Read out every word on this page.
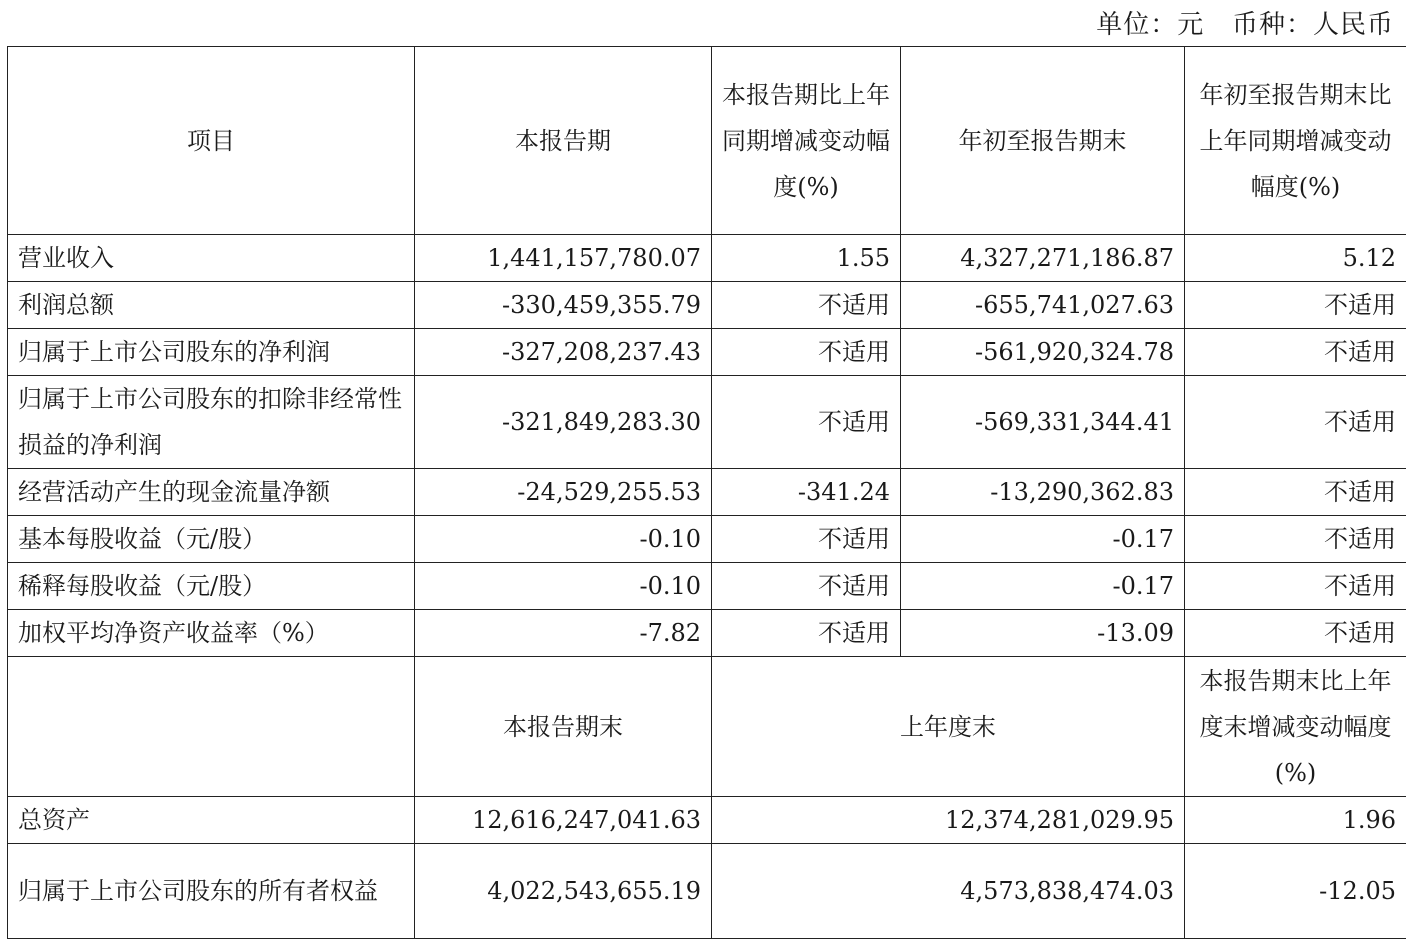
单位：元   币种：人民币
项目	本报告期	本报告期比上年同期增减变动幅度(%)	年初至报告期末	年初至报告期末比上年同期增减变动幅度(%)
营业收入	1,441,157,780.07	1.55	4,327,271,186.87	5.12
利润总额	-330,459,355.79	不适用	-655,741,027.63	不适用
归属于上市公司股东的净利润	-327,208,237.43	不适用	-561,920,324.78	不适用
归属于上市公司股东的扣除非经常性损益的净利润	-321,849,283.30	不适用	-569,331,344.41	不适用
经营活动产生的现金流量净额	-24,529,255.53	-341.24	-13,290,362.83	不适用
基本每股收益（元/股）	-0.10	不适用	-0.17	不适用
稀释每股收益（元/股）	-0.10	不适用	-0.17	不适用
加权平均净资产收益率（%）	-7.82	不适用	-13.09	不适用
	本报告期末	上年度末		本报告期末比上年度末增减变动幅度(%)
总资产	12,616,247,041.63	12,374,281,029.95		1.96
归属于上市公司股东的所有者权益	4,022,543,655.19	4,573,838,474.03		-12.05
